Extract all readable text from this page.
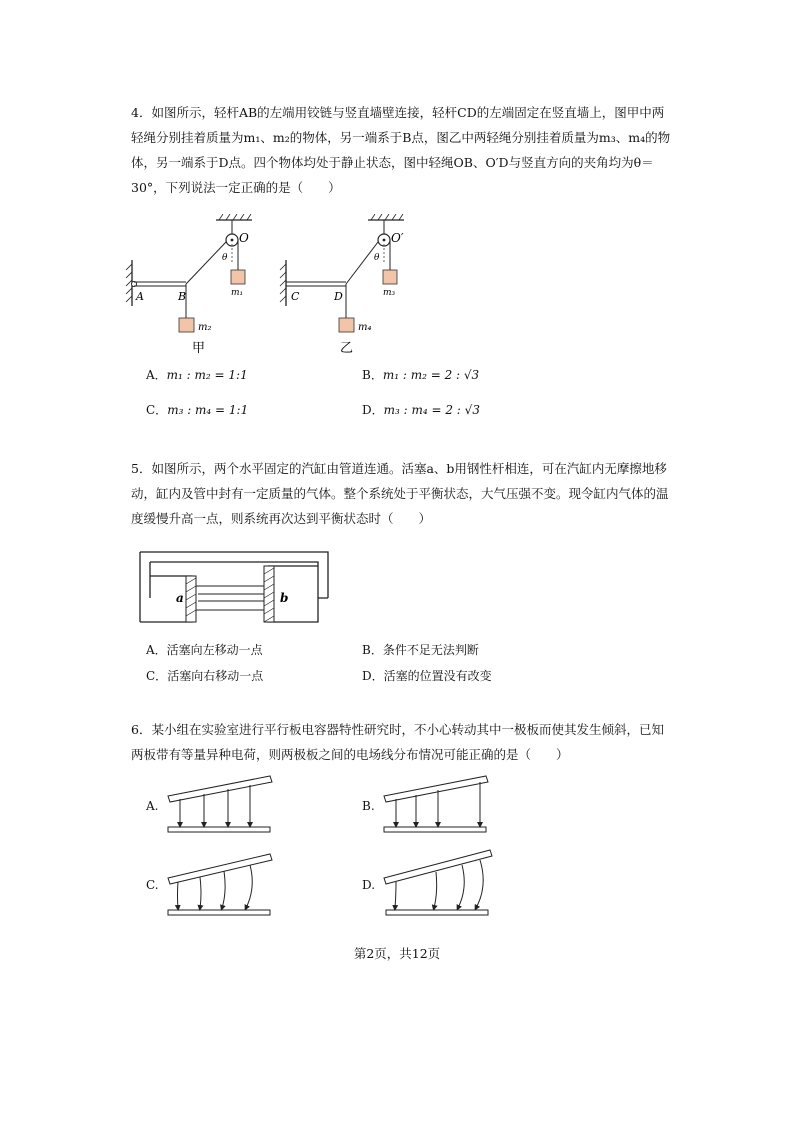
4．如图所示，轻杆AB的左端用铰链与竖直墙壁连接，轻杆CD的左端固定在竖直墙上，图甲中两轻绳分别挂着质量为m₁、m₂的物体，另一端系于B点，图乙中两轻绳分别挂着质量为m₃、m₄的物体，另一端系于D点。四个物体均处于静止状态，图中轻绳OB、O′D与竖直方向的夹角均为θ＝30°，下列说法一定正确的是（　　）
A	B
O
θ
m₁
m₂
甲
C	D
O′
θ
m₃
m₄
乙
A．m₁ : m₂ = 1:1	B．m₁ : m₂ = 2 : √3
C．m₃ : m₄ = 1:1	D．m₃ : m₄ = 2 : √3
5．如图所示，两个水平固定的汽缸由管道连通。活塞a、b用钢性杆相连，可在汽缸内无摩擦地移动，缸内及管中封有一定质量的气体。整个系统处于平衡状态，大气压强不变。现令缸内气体的温度缓慢升高一点，则系统再次达到平衡状态时（　　）
a	b
A．活塞向左移动一点	B．条件不足无法判断
C．活塞向右移动一点	D．活塞的位置没有改变
6．某小组在实验室进行平行板电容器特性研究时，不小心转动其中一极板而使其发生倾斜，已知两板带有等量异种电荷，则两极板之间的电场线分布情况可能正确的是（　　）
A.	B.
C.	D.
第2页，共12页
